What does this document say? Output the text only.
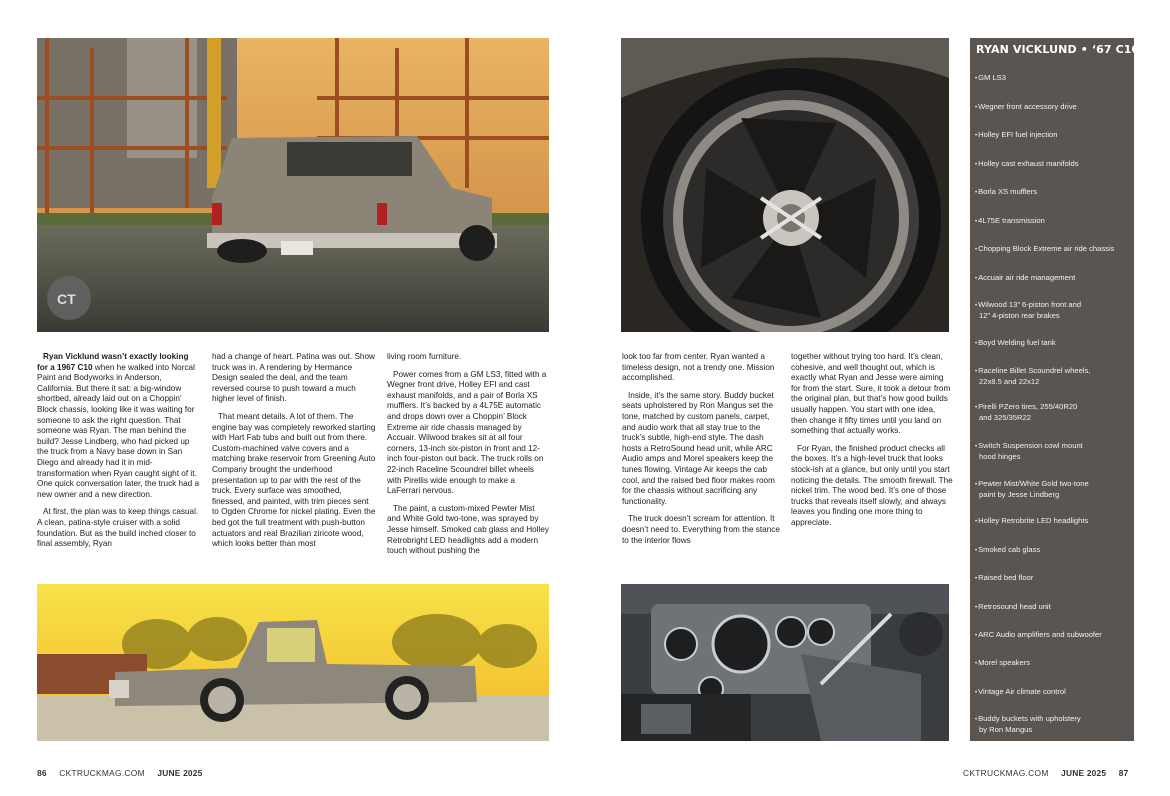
CT

Ryan Vicklund wasn’t exactly looking for a 1967 C10 when he walked into Norcal Paint and Bodyworks in Anderson, California. But there it sat: a big-window shortbed, already laid out on a Choppin’ Block chassis, looking like it was waiting for someone to ask the right question. That someone was Ryan. The man behind the build? Jesse Lindberg, who had picked up the truck from a Navy base down in San Diego and already had it in mid-transformation when Ryan caught sight of it. One quick conversation later, the truck had a new owner and a new direction.

At first, the plan was to keep things casual. A clean, patina-style cruiser with a solid foundation. But as the build inched closer to final assembly, Ryan

had a change of heart. Patina was out. Show truck was in. A rendering by Hermance Design sealed the deal, and the team reversed course to push toward a much higher level of finish.

That meant details. A lot of them. The engine bay was completely reworked starting with Hart Fab tubs and built out from there. Custom-machined valve covers and a matching brake reservoir from Greening Auto Company brought the underhood presentation up to par with the rest of the truck. Every surface was smoothed, finessed, and painted, with trim pieces sent to Ogden Chrome for nickel plating. Even the bed got the full treatment with push-button actuators and real Brazilian ziricote wood, which looks better than most

living room furniture.

Power comes from a GM LS3, fitted with a Wegner front drive, Holley EFI and cast exhaust manifolds, and a pair of Borla XS mufflers. It’s backed by a 4L75E automatic and drops down over a Choppin’ Block Extreme air ride chassis managed by Accuair. Wilwood brakes sit at all four corners, 13-inch six-piston in front and 12-inch four-piston out back. The truck rolls on 22-inch Raceline Scoundrel billet wheels with Pirellis wide enough to make a LaFerrari nervous.

The paint, a custom-mixed Pewter Mist and White Gold two-tone, was sprayed by Jesse himself. Smoked cab glass and Holley Retrobright LED headlights add a modern touch without pushing the

86 CKTRUCKMAG.COM JUNE 2025

look too far from center. Ryan wanted a timeless design, not a trendy one. Mission accomplished.

Inside, it’s the same story. Buddy bucket seats upholstered by Ron Mangus set the tone, matched by custom panels, carpet, and audio work that all stay true to the truck’s subtle, high-end style. The dash hosts a RetroSound head unit, while ARC Audio amps and Morel speakers keep the tunes flowing. Vintage Air keeps the cab cool, and the raised bed floor makes room for the chassis without sacrificing any functionality.

The truck doesn’t scream for attention. It doesn’t need to. Everything from the stance to the interior flows

together without trying too hard. It’s clean, cohesive, and well thought out, which is exactly what Ryan and Jesse were aiming for from the start. Sure, it took a detour from the original plan, but that’s how good builds usually happen. You start with one idea, then change it fifty times until you land on something that actually works.

For Ryan, the finished product checks all the boxes. It’s a high-level truck that looks stock-ish at a glance, but only until you start noticing the details. The smooth firewall. The nickel trim. The wood bed. It’s one of those trucks that reveals itself slowly, and always leaves you finding one more thing to appreciate.

RYAN VICKLUND • ‘67 C10
• GM LS3
• Wegner front accessory drive
• Holley EFI fuel injection
• Holley cast exhaust manifolds
• Borla XS mufflers
• 4L75E transmission
• Chopping Block Extreme air ride chassis
• Accuair air ride management
• Wilwood 13” 6-piston front and
12” 4-piston rear brakes
• Boyd Welding fuel tank
• Raceline Billet Scoundrel wheels,
22x8.5 and 22x12
• Pirelli PZero tires, 255/40R20
and 325/35R22
• Switch Suspension cowl mount
hood hinges
• Pewter Mist/White Gold two-tone
paint by Jesse Lindberg
• Holley Retrobrite LED headlights
• Smoked cab glass
• Raised bed floor
• Retrosound head unit
• ARC Audio amplifiers and subwoofer
• Morel speakers
• Vintage Air climate control
• Buddy buckets with upholstery
by Ron Mangus
CKTRUCKMAG.COM JUNE 2025 87
